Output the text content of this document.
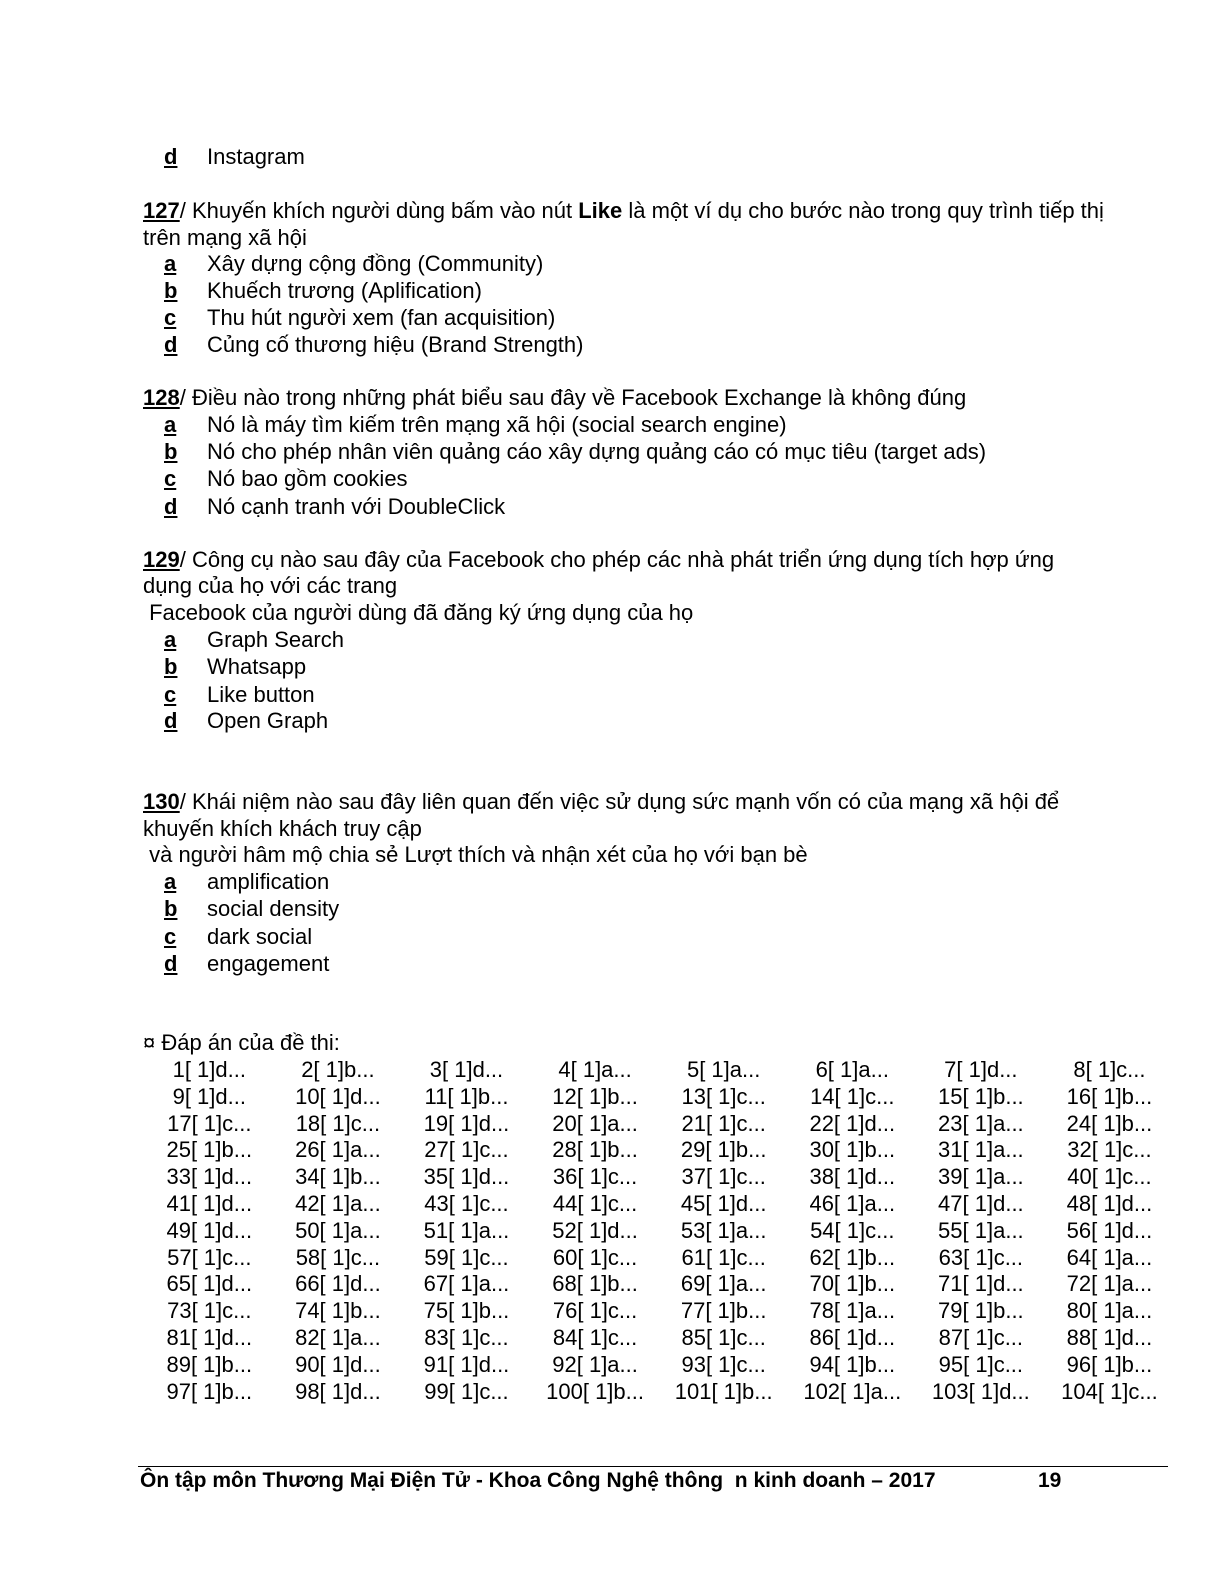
d Instagram
127/ Khuyến khích người dùng bấm vào nút Like là một ví dụ cho bước nào trong quy trình tiếp thị
trên mạng xã hội
a Xây dựng cộng đồng (Community)
b Khuếch trương (Aplification)
c Thu hút người xem (fan acquisition)
d Củng cố thương hiệu (Brand Strength)
128/ Điều nào trong những phát biểu sau đây về Facebook Exchange là không đúng
a Nó là máy tìm kiếm trên mạng xã hội (social search engine)
b Nó cho phép nhân viên quảng cáo xây dựng quảng cáo có mục tiêu (target ads)
c Nó bao gồm cookies
d Nó cạnh tranh với DoubleClick
129/ Công cụ nào sau đây của Facebook cho phép các nhà phát triển ứng dụng tích hợp ứng
dụng của họ với các trang
Facebook của người dùng đã đăng ký ứng dụng của họ
a Graph Search
b Whatsapp
c Like button
d Open Graph
130/ Khái niệm nào sau đây liên quan đến việc sử dụng sức mạnh vốn có của mạng xã hội để
khuyến khích khách truy cập
và người hâm mộ chia sẻ Lượt thích và nhận xét của họ với bạn bè
a amplification
b social density
c dark social
d engagement
¤ Đáp án của đề thi:
1[ 1]d...	2[ 1]b...	3[ 1]d...	4[ 1]a...	5[ 1]a...	6[ 1]a...	7[ 1]d...	8[ 1]c...
9[ 1]d...	10[ 1]d...	11[ 1]b...	12[ 1]b...	13[ 1]c...	14[ 1]c...	15[ 1]b...	16[ 1]b...
17[ 1]c...	18[ 1]c...	19[ 1]d...	20[ 1]a...	21[ 1]c...	22[ 1]d...	23[ 1]a...	24[ 1]b...
25[ 1]b...	26[ 1]a...	27[ 1]c...	28[ 1]b...	29[ 1]b...	30[ 1]b...	31[ 1]a...	32[ 1]c...
33[ 1]d...	34[ 1]b...	35[ 1]d...	36[ 1]c...	37[ 1]c...	38[ 1]d...	39[ 1]a...	40[ 1]c...
41[ 1]d...	42[ 1]a...	43[ 1]c...	44[ 1]c...	45[ 1]d...	46[ 1]a...	47[ 1]d...	48[ 1]d...
49[ 1]d...	50[ 1]a...	51[ 1]a...	52[ 1]d...	53[ 1]a...	54[ 1]c...	55[ 1]a...	56[ 1]d...
57[ 1]c...	58[ 1]c...	59[ 1]c...	60[ 1]c...	61[ 1]c...	62[ 1]b...	63[ 1]c...	64[ 1]a...
65[ 1]d...	66[ 1]d...	67[ 1]a...	68[ 1]b...	69[ 1]a...	70[ 1]b...	71[ 1]d...	72[ 1]a...
73[ 1]c...	74[ 1]b...	75[ 1]b...	76[ 1]c...	77[ 1]b...	78[ 1]a...	79[ 1]b...	80[ 1]a...
81[ 1]d...	82[ 1]a...	83[ 1]c...	84[ 1]c...	85[ 1]c...	86[ 1]d...	87[ 1]c...	88[ 1]d...
89[ 1]b...	90[ 1]d...	91[ 1]d...	92[ 1]a...	93[ 1]c...	94[ 1]b...	95[ 1]c...	96[ 1]b...
97[ 1]b...	98[ 1]d...	99[ 1]c...	100[ 1]b...	101[ 1]b...	102[ 1]a...	103[ 1]d...	104[ 1]c...
Ôn tập môn Thương Mại Điện Tử - Khoa Công Nghệ thông  n kinh doanh – 2017	19
